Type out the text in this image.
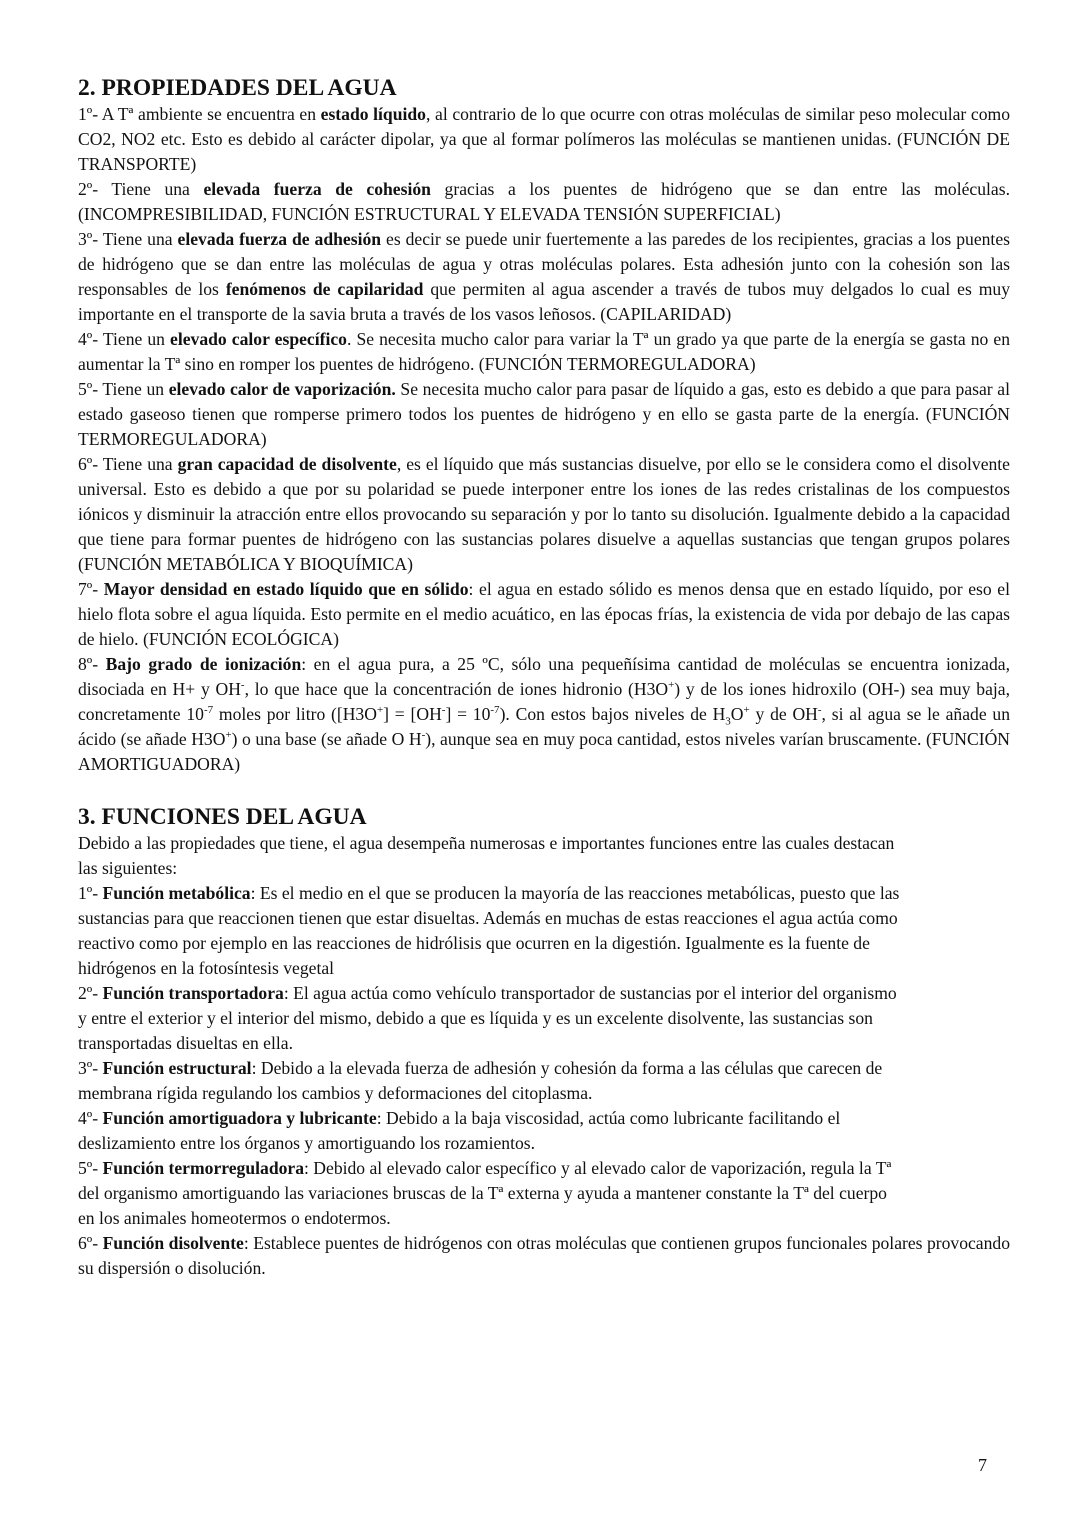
2. PROPIEDADES DEL AGUA

1º- A Tª ambiente se encuentra en estado líquido, al contrario de lo que ocurre con otras moléculas de similar peso molecular como CO2, NO2 etc. Esto es debido al carácter dipolar, ya que al formar polímeros las moléculas se mantienen unidas. (FUNCIÓN DE TRANSPORTE)

2º- Tiene una elevada fuerza de cohesión gracias a los puentes de hidrógeno que se dan entre las moléculas. (INCOMPRESIBILIDAD, FUNCIÓN ESTRUCTURAL Y ELEVADA TENSIÓN SUPERFICIAL)

3º- Tiene una elevada fuerza de adhesión es decir se puede unir fuertemente a las paredes de los recipientes, gracias a los puentes de hidrógeno que se dan entre las moléculas de agua y otras moléculas polares. Esta adhesión junto con la cohesión son las responsables de los fenómenos de capilaridad que permiten al agua ascender a través de tubos muy delgados lo cual es muy importante en el transporte de la savia bruta a través de los vasos leñosos. (CAPILARIDAD)

4º- Tiene un elevado calor específico. Se necesita mucho calor para variar la Tª un grado ya que parte de la energía se gasta no en aumentar la Tª sino en romper los puentes de hidrógeno. (FUNCIÓN TERMOREGULADORA)

5º- Tiene un elevado calor de vaporización. Se necesita mucho calor para pasar de líquido a gas, esto es debido a que para pasar al estado gaseoso tienen que romperse primero todos los puentes de hidrógeno y en ello se gasta parte de la energía. (FUNCIÓN TERMOREGULADORA)

6º- Tiene una gran capacidad de disolvente, es el líquido que más sustancias disuelve, por ello se le considera como el disolvente universal. Esto es debido a que por su polaridad se puede interponer entre los iones de las redes cristalinas de los compuestos iónicos y disminuir la atracción entre ellos provocando su separación y por lo tanto su disolución. Igualmente debido a la capacidad que tiene para formar puentes de hidrógeno con las sustancias polares disuelve a aquellas sustancias que tengan grupos polares (FUNCIÓN METABÓLICA Y BIOQUÍMICA)

7º- Mayor densidad en estado líquido que en sólido: el agua en estado sólido es menos densa que en estado líquido, por eso el hielo flota sobre el agua líquida. Esto permite en el medio acuático, en las épocas frías, la existencia de vida por debajo de las capas de hielo. (FUNCIÓN ECOLÓGICA)

8º- Bajo grado de ionización: en el agua pura, a 25 ºC, sólo una pequeñísima cantidad de moléculas se encuentra ionizada, disociada en H+ y OH-, lo que hace que la concentración de iones hidronio (H3O+) y de los iones hidroxilo (OH-) sea muy baja, concretamente $10^{-7}$ moles por litro $([H3O^+] = [OH^-] = 10^{-7})$. Con estos bajos niveles de $H_3O^+$ y de OH-, si al agua se le añade un ácido (se añade H3O+) o una base (se añade O H-), aunque sea en muy poca cantidad, estos niveles varían bruscamente. (FUNCIÓN AMORTIGUADORA)

3. FUNCIONES DEL AGUA

Debido a las propiedades que tiene, el agua desempeña numerosas e importantes funciones entre las cuales destacan las siguientes:

1º- Función metabólica: Es el medio en el que se producen la mayoría de las reacciones metabólicas, puesto que las sustancias para que reaccionen tienen que estar disueltas. Además en muchas de estas reacciones el agua actúa como reactivo como por ejemplo en las reacciones de hidrólisis que ocurren en la digestión. Igualmente es la fuente de hidrógenos en la fotosíntesis vegetal

2º- Función transportadora: El agua actúa como vehículo transportador de sustancias por el interior del organismo y entre el exterior y el interior del mismo, debido a que es líquida y es un excelente disolvente, las sustancias son transportadas disueltas en ella.

3º- Función estructural: Debido a la elevada fuerza de adhesión y cohesión da forma a las células que carecen de membrana rígida regulando los cambios y deformaciones del citoplasma.

4º- Función amortiguadora y lubricante: Debido a la baja viscosidad, actúa como lubricante facilitando el deslizamiento entre los órganos y amortiguando los rozamientos.

5º- Función termorreguladora: Debido al elevado calor específico y al elevado calor de vaporización, regula la Tª del organismo amortiguando las variaciones bruscas de la Tª externa y ayuda a mantener constante la Tª del cuerpo en los animales homeotermos o endotermos.

6º- Función disolvente: Establece puentes de hidrógenos con otras moléculas que contienen grupos funcionales polares provocando su dispersión o disolución.

7
